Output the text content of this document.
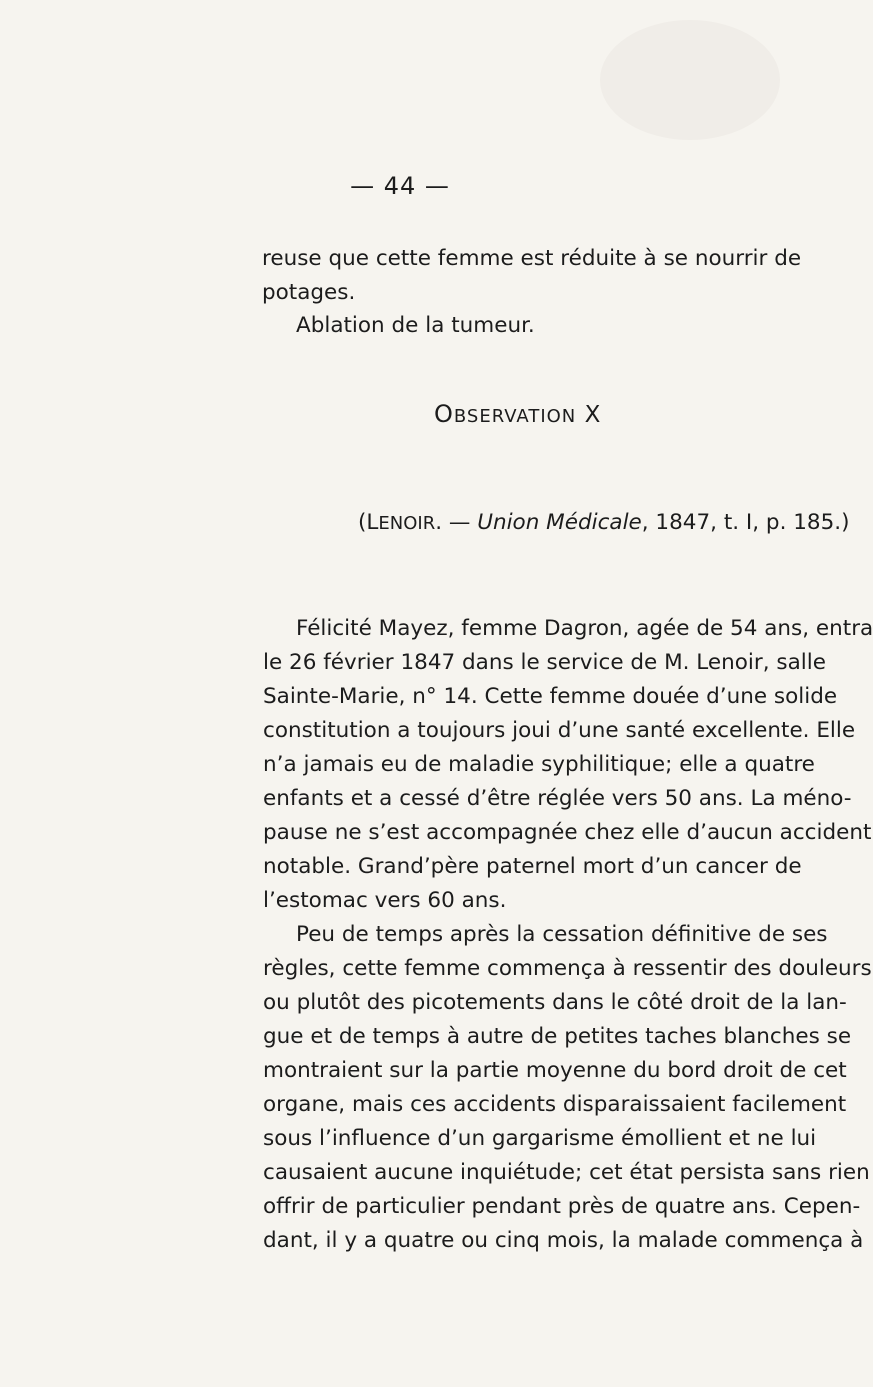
— 44 —
reuse que cette femme est réduite à se nourrir de
potages.
Ablation de la tumeur.
OBSERVATION X
(LENOIR. — Union Médicale, 1847, t. I, p. 185.)
Félicité Mayez, femme Dagron, agée de 54 ans, entra
le 26 février 1847 dans le service de M. Lenoir, salle
Sainte-Marie, n° 14. Cette femme douée d’une solide
constitution a toujours joui d’une santé excellente. Elle
n’a jamais eu de maladie syphilitique; elle a quatre
enfants et a cessé d’être réglée vers 50 ans. La méno-
pause ne s’est accompagnée chez elle d’aucun accident
notable. Grand’père paternel mort d’un cancer de
l’estomac vers 60 ans.
Peu de temps après la cessation définitive de ses
règles, cette femme commença à ressentir des douleurs
ou plutôt des picotements dans le côté droit de la lan-
gue et de temps à autre de petites taches blanches se
montraient sur la partie moyenne du bord droit de cet
organe, mais ces accidents disparaissaient facilement
sous l’influence d’un gargarisme émollient et ne lui
causaient aucune inquiétude; cet état persista sans rien
offrir de particulier pendant près de quatre ans. Cepen-
dant, il y a quatre ou cinq mois, la malade commença à
